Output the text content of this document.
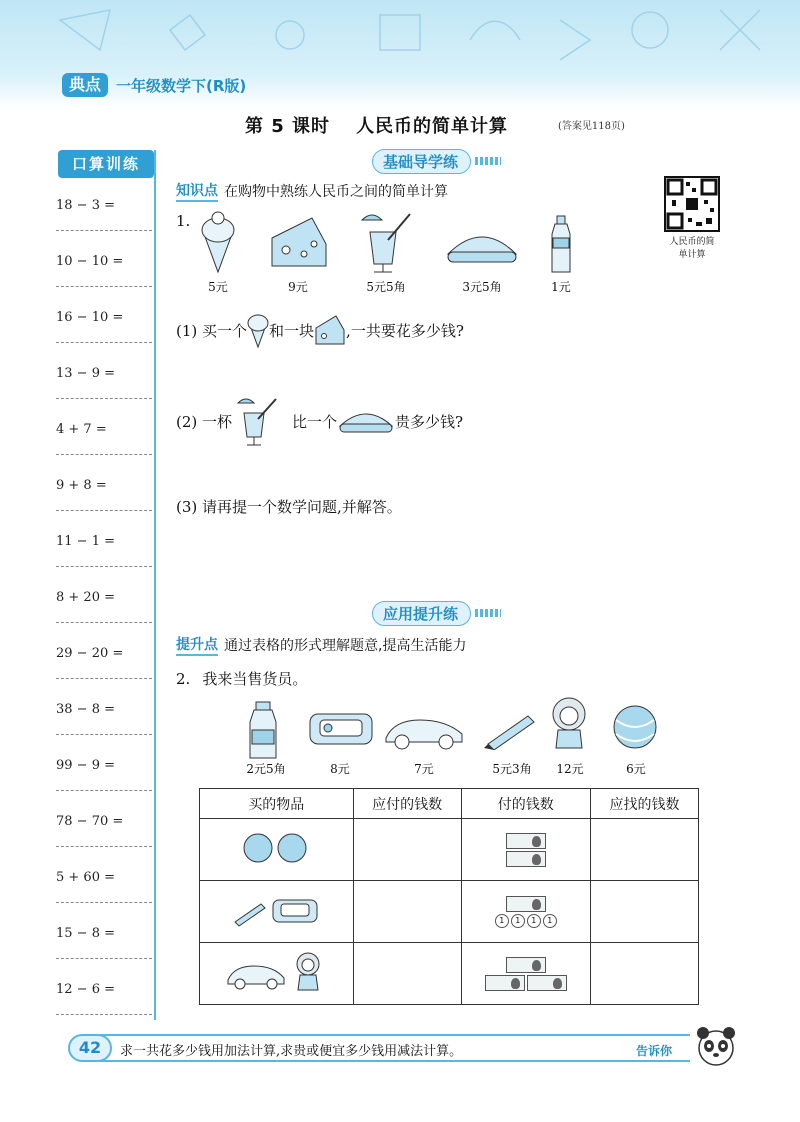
典点	一年级数学下(R版)
第 5 课时 人民币的简单计算	(答案见118页)
口算训练
18 − 3 =
10 − 10 =
16 − 10 =
13 − 9 =
4 + 7 =
9 + 8 =
11 − 1 =
8 + 20 =
29 − 20 =
38 − 8 =
99 − 9 =
78 − 70 =
5 + 60 =
15 − 8 =
12 − 6 =
基础导学练
知识点 在购物中熟练人民币之间的简单计算
1.
5元	9元	5元5角	3元5角	1元
人民币的简
单计算
(1) 买一个 和一块 ,一共要花多少钱?
(2) 一杯	比一个	贵多少钱?
(3) 请再提一个数学问题,并解答。
应用提升练
提升点 通过表格的形式理解题意,提高生活能力
2. 我来当售货员。
2元5角	8元	7元	5元3角	12元	6元
买的物品	应付的钱数	付的钱数	应找的钱数

1 1 1 1	

42	求一共花多少钱用加法计算,求贵或便宜多少钱用减法计算。	告诉你
